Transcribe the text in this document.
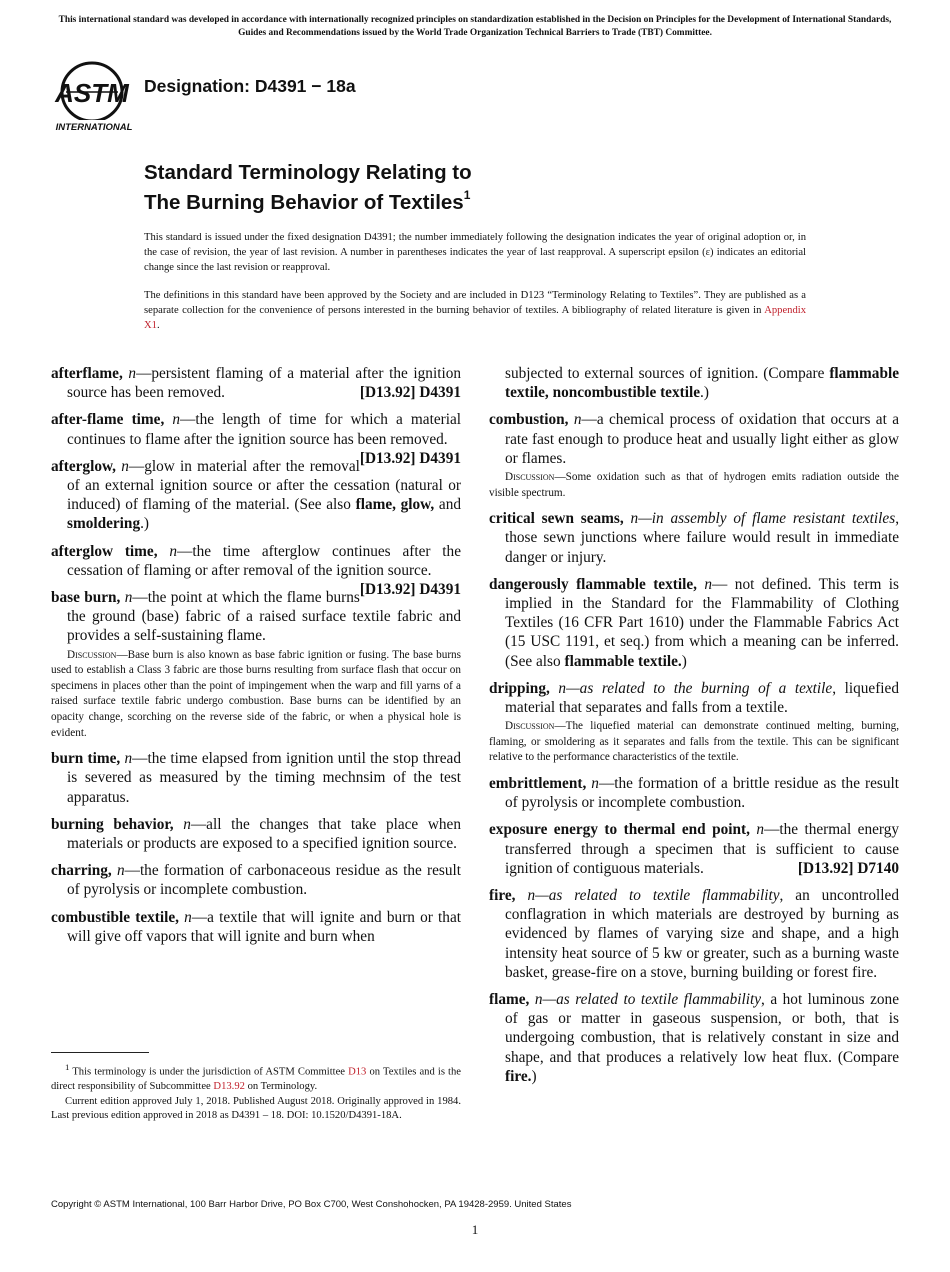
This international standard was developed in accordance with internationally recognized principles on standardization established in the Decision on Principles for the Development of International Standards, Guides and Recommendations issued by the World Trade Organization Technical Barriers to Trade (TBT) Committee.
ASTM
INTERNATIONAL
Designation: D4391 − 18a
Standard Terminology Relating to
The Burning Behavior of Textiles$^1$
This standard is issued under the fixed designation D4391; the number immediately following the designation indicates the year of original adoption or, in the case of revision, the year of last revision. A number in parentheses indicates the year of last reapproval. A superscript epsilon (ε) indicates an editorial change since the last revision or reapproval.
The definitions in this standard have been approved by the Society and are included in D123 “Terminology Relating to Textiles”. They are published as a separate collection for the convenience of persons interested in the burning behavior of textiles. A bibliography of related literature is given in Appendix X1.

afterflame, n—persistent flaming of a material after the ignition source has been removed.	[D13.92] D4391

after-flame time, n—the length of time for which a material continues to flame after the ignition source has been removed.
[D13.92] D4391

afterglow, n—glow in material after the removal of an external ignition source or after the cessation (natural or induced) of flaming of the material. (See also flame, glow, and smoldering.)

afterglow time, n—the time afterglow continues after the cessation of flaming or after removal of the ignition source.
[D13.92] D4391

base burn, n—the point at which the flame burns the ground (base) fabric of a raised surface textile fabric and provides a self-sustaining flame.

Discussion—Base burn is also known as base fabric ignition or fusing. The base burns used to establish a Class 3 fabric are those burns resulting from surface flash that occur on specimens in places other than the point of impingement when the warp and fill yarns of a raised surface textile fabric undergo combustion. Base burns can be identified by an opacity change, scorching on the reverse side of the fabric, or when a physical hole is evident.

burn time, n—the time elapsed from ignition until the stop thread is severed as measured by the timing mechnsim of the test apparatus.

burning behavior, n—all the changes that take place when materials or products are exposed to a specified ignition source.

charring, n—the formation of carbonaceous residue as the result of pyrolysis or incomplete combustion.

combustible textile, n—a textile that will ignite and burn or that will give off vapors that will ignite and burn when

$^1$ This terminology is under the jurisdiction of ASTM Committee D13 on Textiles and is the direct responsibility of Subcommittee D13.92 on Terminology.

Current edition approved July 1, 2018. Published August 2018. Originally approved in 1984. Last previous edition approved in 2018 as D4391 – 18. DOI: 10.1520/D4391-18A.

subjected to external sources of ignition. (Compare flammable textile, noncombustible textile.)

combustion, n—a chemical process of oxidation that occurs at a rate fast enough to produce heat and usually light either as glow or flames.

Discussion—Some oxidation such as that of hydrogen emits radiation outside the visible spectrum.

critical sewn seams, n—in assembly of flame resistant textiles, those sewn junctions where failure would result in immediate danger or injury.

dangerously flammable textile, n— not defined. This term is implied in the Standard for the Flammability of Clothing Textiles (16 CFR Part 1610) under the Flammable Fabrics Act (15 USC 1191, et seq.) from which a meaning can be inferred. (See also flammable textile.)

dripping, n—as related to the burning of a textile, liquefied material that separates and falls from a textile.

Discussion—The liquefied material can demonstrate continued melting, burning, flaming, or smoldering as it separates and falls from the textile. This can be significant relative to the performance characteristics of the textile.

embrittlement, n—the formation of a brittle residue as the result of pyrolysis or incomplete combustion.

exposure energy to thermal end point, n—the thermal energy transferred through a specimen that is sufficient to cause ignition of contiguous materials.	[D13.92] D7140

fire, n—as related to textile flammability, an uncontrolled conflagration in which materials are destroyed by burning as evidenced by flames of varying size and shape, and a high intensity heat source of 5 kw or greater, such as a burning waste basket, grease-fire on a stove, burning building or forest fire.

flame, n—as related to textile flammability, a hot luminous zone of gas or matter in gaseous suspension, or both, that is undergoing combustion, that is relatively constant in size and shape, and that produces a relatively low heat flux. (Compare fire.)

Copyright © ASTM International, 100 Barr Harbor Drive, PO Box C700, West Conshohocken, PA 19428-2959. United States
1
